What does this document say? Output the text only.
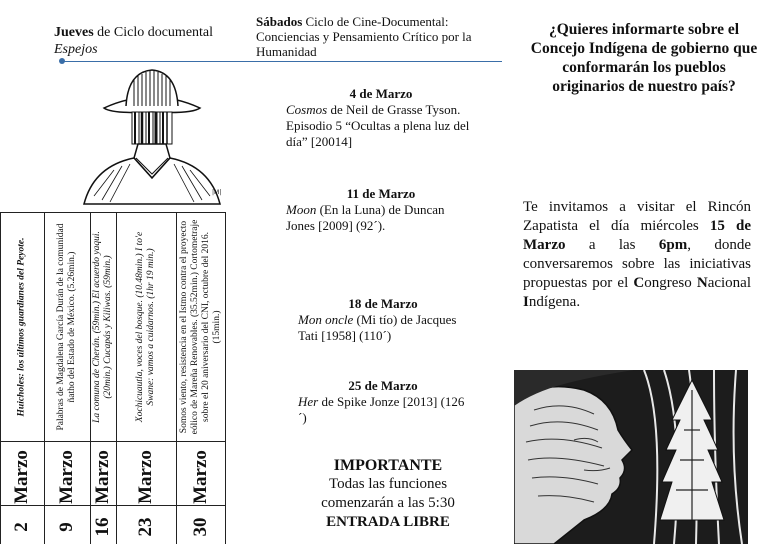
Jueves de Ciclo documental
Espejos
|M|
Huicholes: los últimos guardianes del Peyote.
Marzo
2
Palabras de Magdalena García Durán de la comunidad ñatho del Estado de México. (5.26min.)
Marzo
9
La comuna de Cherán. (59min.) El acuerdo yaqui. (20min.) Cucapás y Kiliwas. (59min.)
Marzo
16
Xochicuautla, voces del bosque. (10.48min.) I to'e Swane: vamos a cuidarnos. (1hr 19 min.)
Marzo
23
Somos viento, resistencia en el Istmo contra el proyecto eólico de Mareña Renovables. (35.52min.) Cortometraje sobre el 20 aniversario del CNI, octubre del 2016. (15min.)
Marzo
30
Sábados Ciclo de Cine-Documental: Conciencias y Pensamiento Crítico por la Humanidad
4 de Marzo
Cosmos de Neil de Grasse Tyson. Episodio 5 “Ocultas a plena luz del día” [20014]
11 de Marzo
Moon (En la Luna) de Duncan Jones [2009] (92´).
18 de Marzo
Mon oncle (Mi tío) de Jacques Tati [1958] (110´)
25 de Marzo
Her de Spike Jonze [2013] (126´)
IMPORTANTE
Todas las funciones
comenzarán a las 5:30
ENTRADA LIBRE
¿Quieres informarte sobre el Concejo Indígena de gobierno que conformarán los pueblos originarios de nuestro país?
Te invitamos a visitar el Rincón Zapatista el día miércoles 15 de Marzo a las 6pm, donde conversaremos sobre las iniciativas propuestas por el Congreso Nacional Indígena.
